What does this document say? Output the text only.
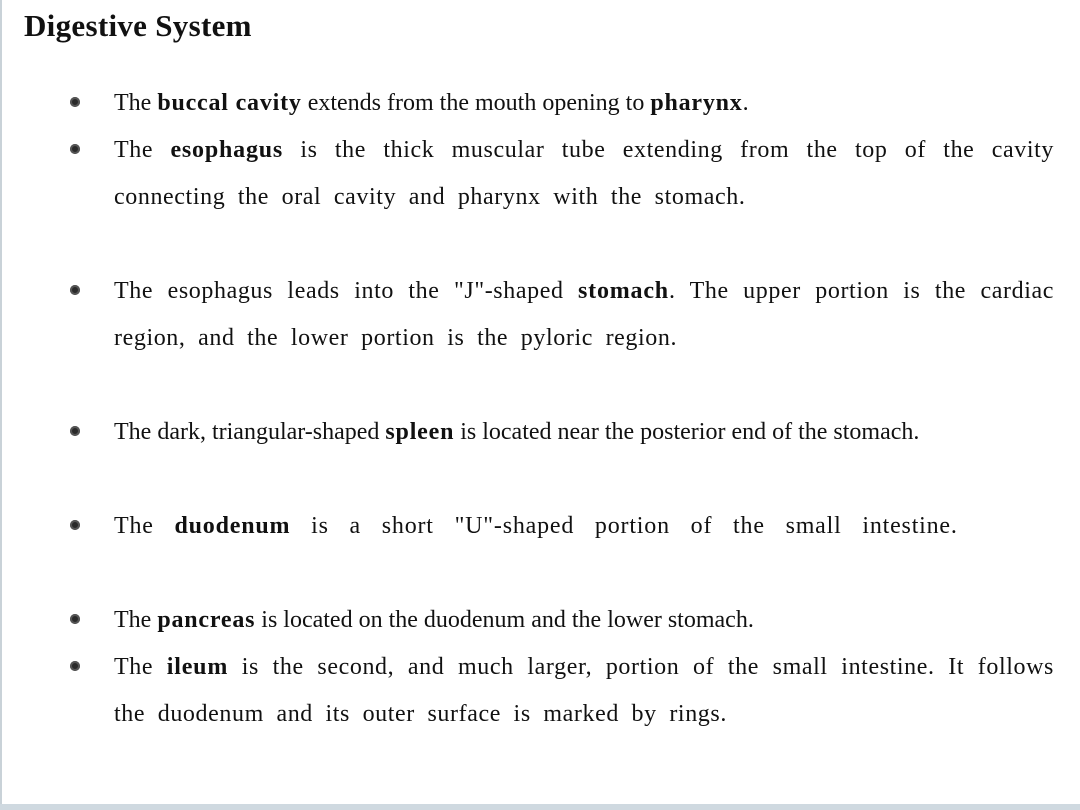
Digestive System
The buccal cavity extends from the mouth opening to pharynx.
The esophagus is the thick muscular tube extending from the top of the cavity connecting the oral cavity and pharynx with the stomach.
The esophagus leads into the "J"-shaped stomach. The upper portion is the cardiac region, and the lower portion is the pyloric region.
The dark, triangular-shaped spleen is located near the posterior end of the stomach.
The duodenum is a short "U"-shaped portion of the small intestine.
The pancreas is located on the duodenum and the lower stomach.
The ileum is the second, and much larger, portion of the small intestine. It follows the duodenum and its outer surface is marked by rings.
